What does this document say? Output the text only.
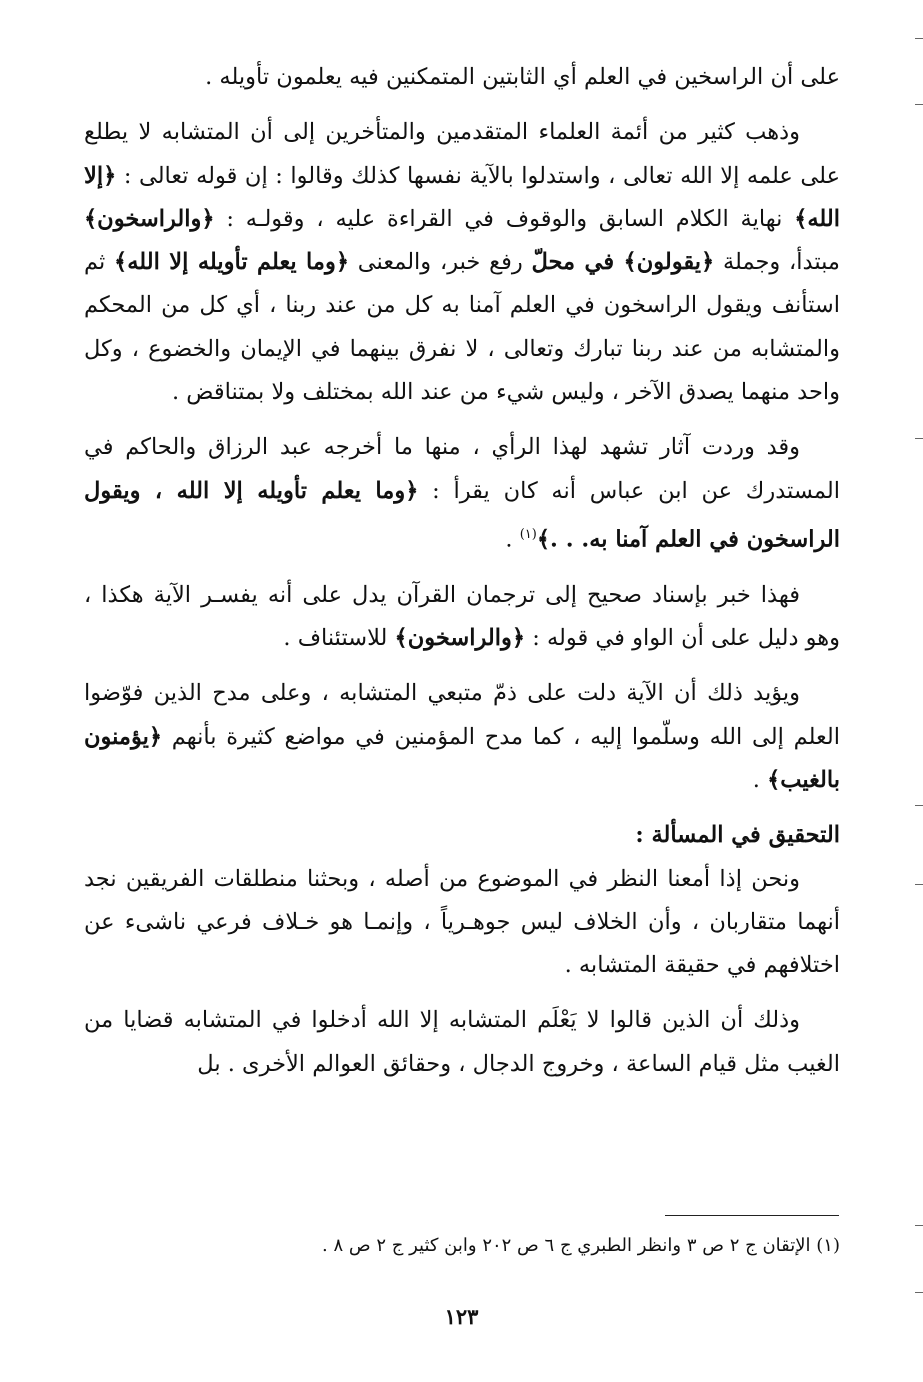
على أن الراسخين في العلم أي الثابتين المتمكنين فيه يعلمون تأويله .

وذهب كثير من أئمة العلماء المتقدمين والمتأخرين إلى أن المتشابه لا يطلع على علمه إلا الله تعالى ، واستدلوا بالآية نفسها كذلك وقالوا : إن قوله تعالى : ﴿إلا الله﴾ نهاية الكلام السابق والوقوف في القراءة عليه ، وقولـه : ﴿والراسخون﴾ مبتدأ، وجملة ﴿يقولون﴾ في محلّ رفع خبر، والمعنى ﴿وما يعلم تأويله إلا الله﴾ ثم استأنف ويقول الراسخون في العلم آمنا به كل من عند ربنا ، أي كل من المحكم والمتشابه من عند ربنا تبارك وتعالى ، لا نفرق بينهما في الإيمان والخضوع ، وكل واحد منهما يصدق الآخر ، وليس شيء من عند الله بمختلف ولا بمتناقض .

وقد وردت آثار تشهد لهذا الرأي ، منها ما أخرجه عبد الرزاق والحاكم في المستدرك عن ابن عباس أنه كان يقرأ : ﴿وما يعلم تأويله إلا الله ، ويقول الراسخون في العلم آمنا به. . .﴾$^{(١)}$ .

فهذا خبر بإسناد صحيح إلى ترجمان القرآن يدل على أنه يفسـر الآية هكذا ، وهو دليل على أن الواو في قوله : ﴿والراسخون﴾ للاستئناف .

ويؤيد ذلك أن الآية دلت على ذمّ متبعي المتشابه ، وعلى مدح الذين فوّضوا العلم إلى الله وسلّموا إليه ، كما مدح المؤمنين في مواضع كثيرة بأنهم ﴿يؤمنون بالغيب﴾ .

التحقيق في المسألة :

ونحن إذا أمعنا النظر في الموضوع من أصله ، وبحثنا منطلقات الفريقين نجد أنهما متقاربان ، وأن الخلاف ليس جوهـرياً ، وإنمـا هو خـلاف فرعي ناشىء عن اختلافهم في حقيقة المتشابه .

وذلك أن الذين قالوا لا يَعْلَم المتشابه إلا الله أدخلوا في المتشابه قضايا من الغيب مثل قيام الساعة ، وخروج الدجال ، وحقائق العوالم الأخرى . بل

(١) الإتقان ج ٢ ص ٣ وانظر الطبري ج ٦ ص ٢٠٢ وابن كثير ج ٢ ص ٨ .
١٢٣
